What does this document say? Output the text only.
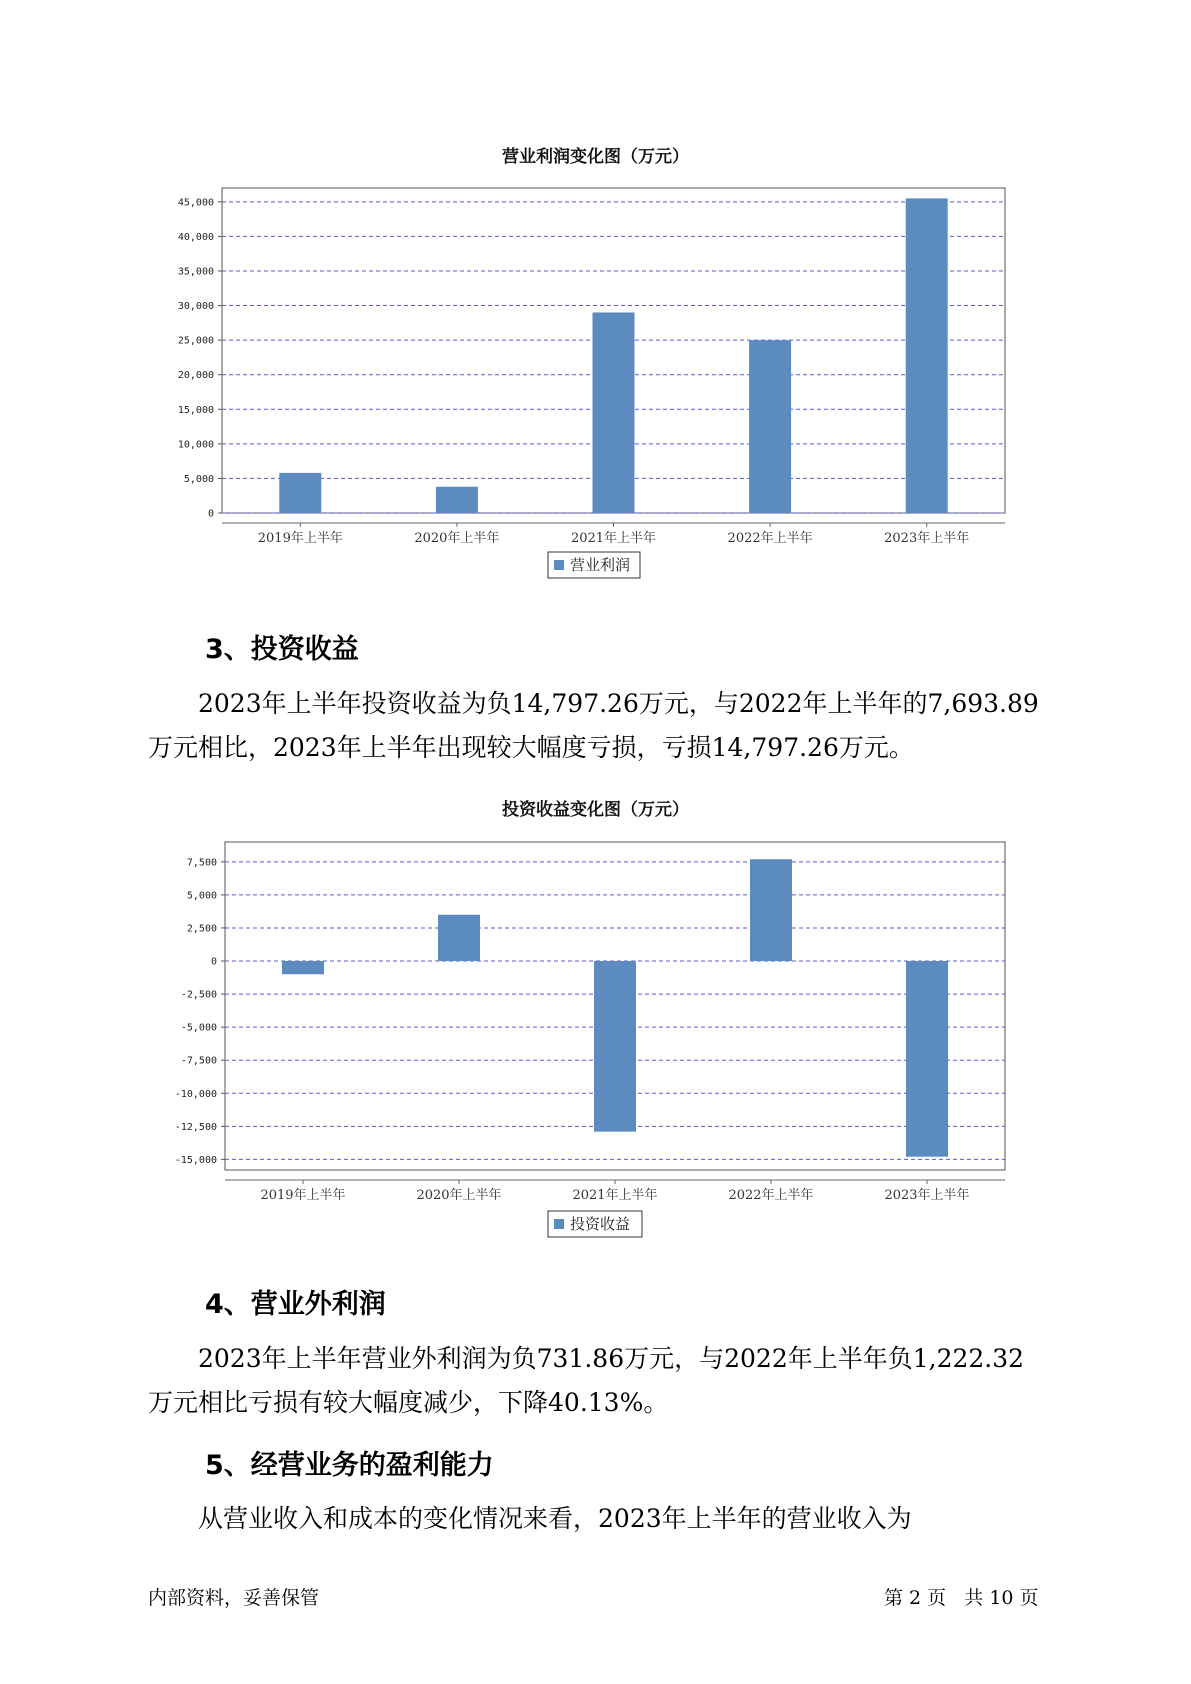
营业利润变化图（万元）
0
5,000
10,000
15,000
20,000
25,000
30,000
35,000
40,000
45,000
2019年上半年	2020年上半年	2021年上半年	2022年上半年	2023年上半年
营业利润
3、投资收益

2023年上半年投资收益为负14,797.26万元，与2022年上半年的7,693.89
万元相比，2023年上半年出现较大幅度亏损，亏损14,797.26万元。

投资收益变化图（万元）
7,500
5,000
2,500
0
-2,500
-5,000
-7,500
-10,000
-12,500
-15,000
2019年上半年	2020年上半年	2021年上半年	2022年上半年	2023年上半年
投资收益
4、营业外利润

2023年上半年营业外利润为负731.86万元，与2022年上半年负1,222.32
万元相比亏损有较大幅度减少，下降40.13%。

5、经营业务的盈利能力

从营业收入和成本的变化情况来看，2023年上半年的营业收入为

内部资料，妥善保管	第 2 页 共 10 页
